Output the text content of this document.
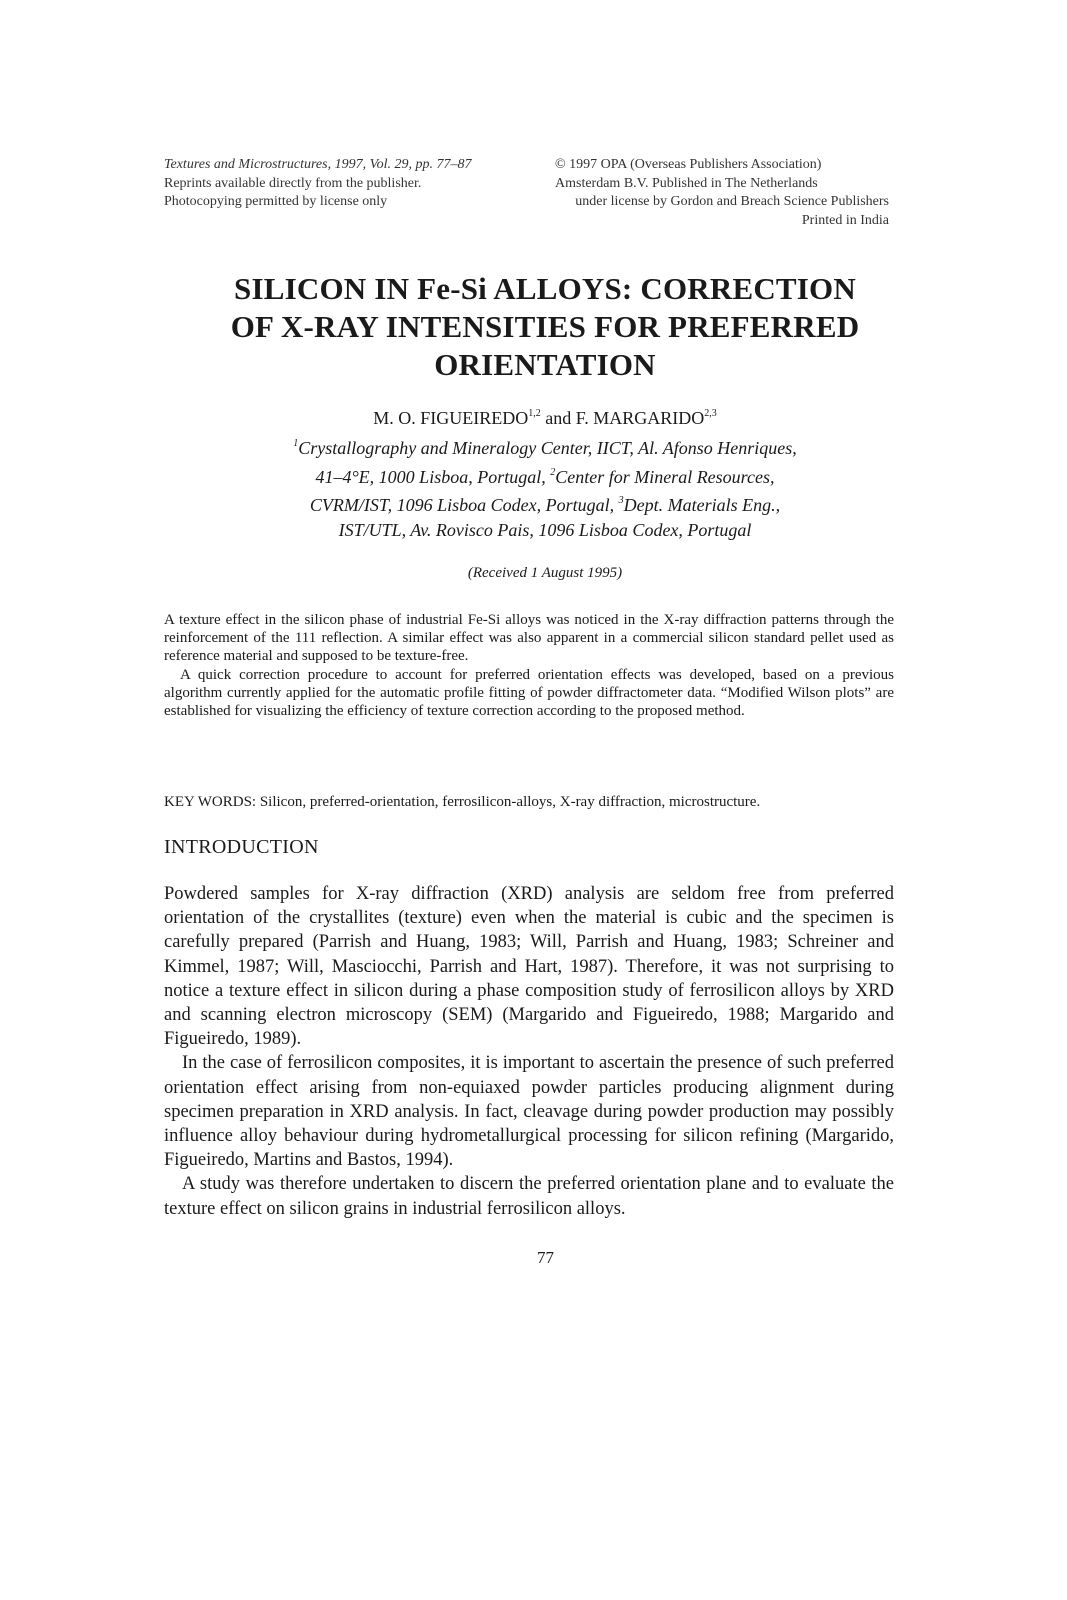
Textures and Microstructures, 1997, Vol. 29, pp. 77–87
Reprints available directly from the publisher.
Photocopying permitted by license only
© 1997 OPA (Overseas Publishers Association)
Amsterdam B.V. Published in The Netherlands
under license by Gordon and Breach Science Publishers
Printed in India
SILICON IN Fe-Si ALLOYS: CORRECTION
OF X-RAY INTENSITIES FOR PREFERRED
ORIENTATION
M. O. FIGUEIREDO$^{1,2}$ and F. MARGARIDO$^{2,3}$
$^1$Crystallography and Mineralogy Center, IICT, Al. Afonso Henriques,
41–4°E, 1000 Lisboa, Portugal, $^2$Center for Mineral Resources,
CVRM/IST, 1096 Lisboa Codex, Portugal, $^3$Dept. Materials Eng.,
IST/UTL, Av. Rovisco Pais, 1096 Lisboa Codex, Portugal
(Received 1 August 1995)

A texture effect in the silicon phase of industrial Fe-Si alloys was noticed in the X-ray diffraction patterns through the reinforcement of the 111 reflection. A similar effect was also apparent in a commercial silicon standard pellet used as reference material and supposed to be texture-free.

A quick correction procedure to account for preferred orientation effects was developed, based on a previous algorithm currently applied for the automatic profile fitting of powder diffractometer data. “Modified Wilson plots” are established for visualizing the efficiency of texture correction according to the proposed method.

KEY WORDS: Silicon, preferred-orientation, ferrosilicon-alloys, X-ray diffraction, microstructure.
INTRODUCTION

Powdered samples for X-ray diffraction (XRD) analysis are seldom free from preferred orientation of the crystallites (texture) even when the material is cubic and the specimen is carefully prepared (Parrish and Huang, 1983; Will, Parrish and Huang, 1983; Schreiner and Kimmel, 1987; Will, Masciocchi, Parrish and Hart, 1987). Therefore, it was not surprising to notice a texture effect in silicon during a phase composition study of ferrosilicon alloys by XRD and scanning electron microscopy (SEM) (Margarido and Figueiredo, 1988; Margarido and Figueiredo, 1989).

In the case of ferrosilicon composites, it is important to ascertain the presence of such preferred orientation effect arising from non-equiaxed powder particles producing alignment during specimen preparation in XRD analysis. In fact, cleavage during powder production may possibly influence alloy behaviour during hydrometallurgical processing for silicon refining (Margarido, Figueiredo, Martins and Bastos, 1994).

A study was therefore undertaken to discern the preferred orientation plane and to evaluate the texture effect on silicon grains in industrial ferrosilicon alloys.

77
